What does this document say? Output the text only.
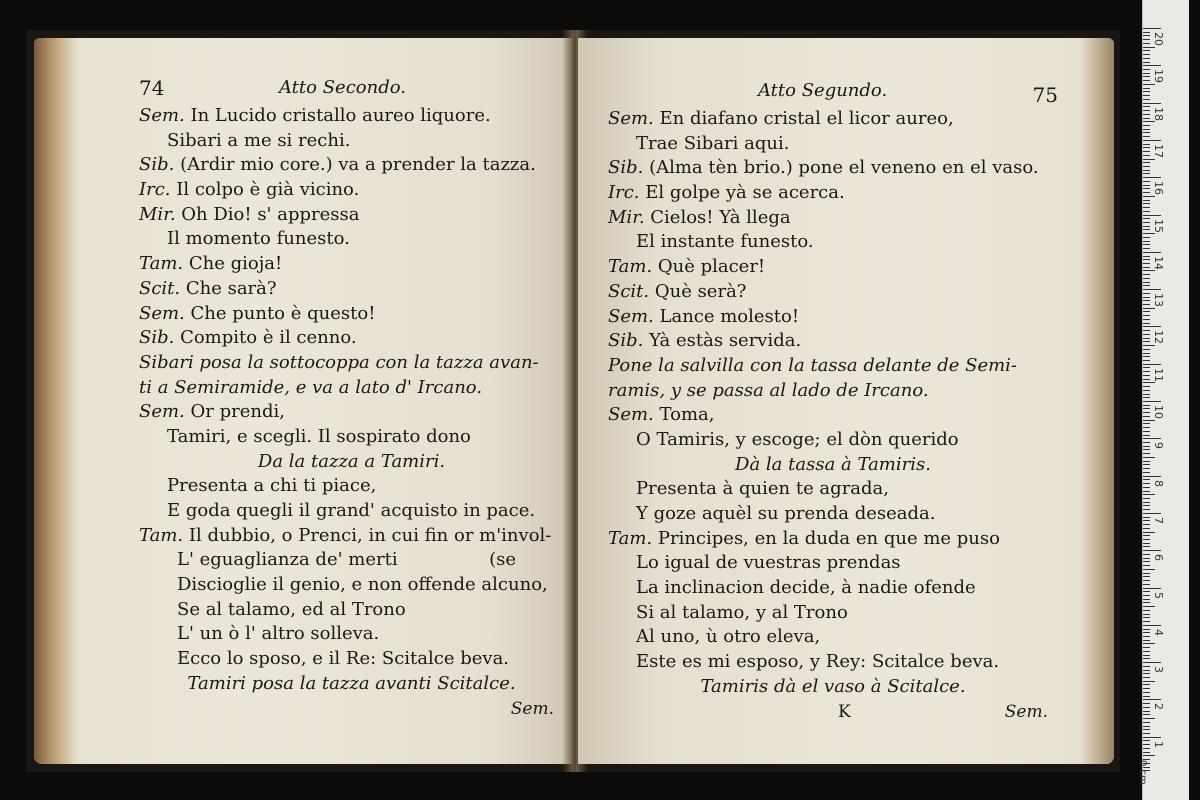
74	Atto Secondo.
Sem. In Lucido cristallo aureo liquore.
Sibari a me si rechi.
Sib. (Ardir mio core.) va a prender la tazza.
Irc. Il colpo è già vicino.
Mir. Oh Dio! s' appressa
Il momento funesto.
Tam. Che gioja!
Scit. Che sarà?
Sem. Che punto è questo!
Sib. Compito è il cenno.
Sibari posa la sottocoppa con la tazza avan-
ti a Semiramide, e va a lato d' Ircano.
Sem. Or prendi,
Tamiri, e scegli. Il sospirato dono
Da la tazza a Tamiri.
Presenta a chi ti piace,
E goda quegli il grand' acquisto in pace.
Tam. Il dubbio, o Prenci, in cui fin or m'invol-
L' eguaglianza de' merti                (se
Discioglie il genio, e non offende alcuno,
Se al talamo, ed al Trono
L' un ò l' altro solleva.
Ecco lo sposo, e il Re: Scitalce beva.
Tamiri posa la tazza avanti Scitalce.
Sem.
Atto Segundo.	75
Sem. En diafano cristal el licor aureo,
Trae Sibari aqui.
Sib. (Alma tèn brio.) pone el veneno en el vaso.
Irc. El golpe yà se acerca.
Mir. Cielos! Yà llega
El instante funesto.
Tam. Què placer!
Scit. Què serà?
Sem. Lance molesto!
Sib. Yà estàs servida.
Pone la salvilla con la tassa delante de Semi-
ramis, y se passa al lado de Ircano.
Sem. Toma,
O Tamiris, y escoge; el dòn querido
Dà la tassa à Tamiris.
Presenta à quien te agrada,
Y goze aquèl su prenda deseada.
Tam. Principes, en la duda en que me puso
Lo igual de vuestras prendas
La inclinacion decide, à nadie ofende
Si al talamo, y al Trono
Al uno, ù otro eleva,
Este es mi esposo, y Rey: Scitalce beva.
Tamiris dà el vaso à Scitalce.
K	Sem.
20
19
18
17
16
15
14
13
12
11
10
9
8
7
6
5
4
3
2
1
0 cm
